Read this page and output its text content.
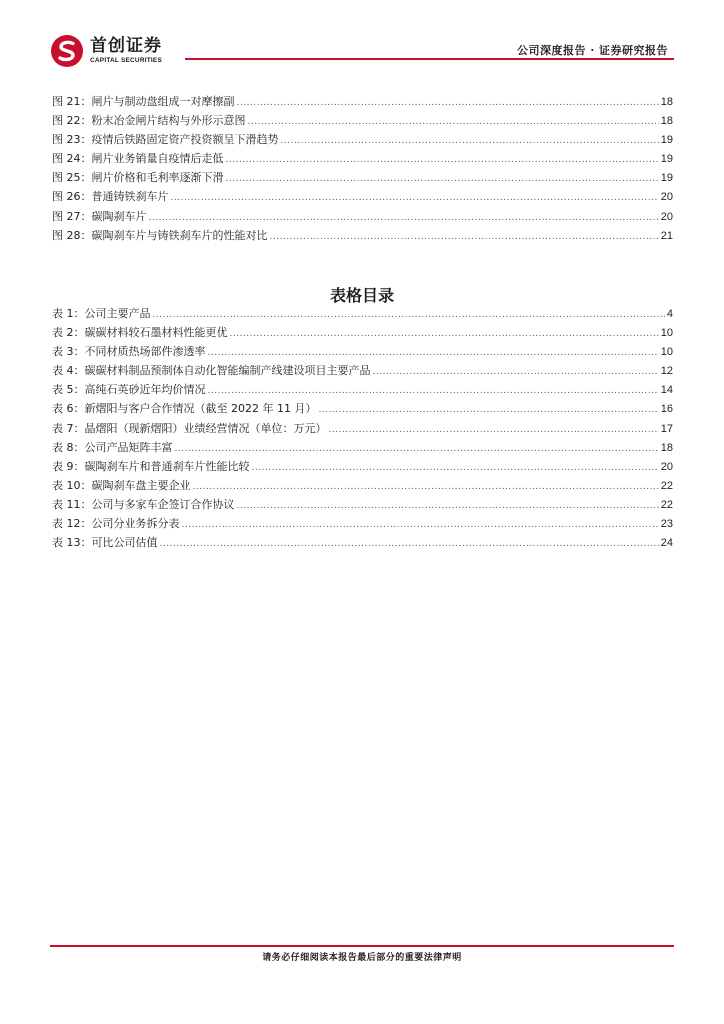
首创证券
CAPITAL SECURITIES
公司深度报告 · 证券研究报告
图 21：闸片与制动盘组成一对摩擦副 .....	18
图 22：粉末冶金闸片结构与外形示意图 .....	18
图 23：疫情后铁路固定资产投资额呈下滑趋势 .....	19
图 24：闸片业务销量自疫情后走低 .....	19
图 25：闸片价格和毛利率逐渐下滑 .....	19
图 26：普通铸铁刹车片 .....	20
图 27：碳陶刹车片 .....	20
图 28：碳陶刹车片与铸铁刹车片的性能对比 .....	21
表格目录
表 1：公司主要产品 .....	4
表 2：碳碳材料较石墨材料性能更优 .....	10
表 3：不同材质热场部件渗透率 .....	10
表 4：碳碳材料制品预制体自动化智能编制产线建设项目主要产品 .....	12
表 5：高纯石英砂近年均价情况 .....	14
表 6：新熠阳与客户合作情况（截至 2022 年 11 月） .....	16
表 7：晶熠阳（现新熠阳）业绩经营情况（单位：万元） .....	17
表 8：公司产品矩阵丰富 .....	18
表 9：碳陶刹车片和普通刹车片性能比较 .....	20
表 10：碳陶刹车盘主要企业 .....	22
表 11：公司与多家车企签订合作协议 .....	22
表 12：公司分业务拆分表 .....	23
表 13：可比公司估值 .....	24
请务必仔细阅读本报告最后部分的重要法律声明
